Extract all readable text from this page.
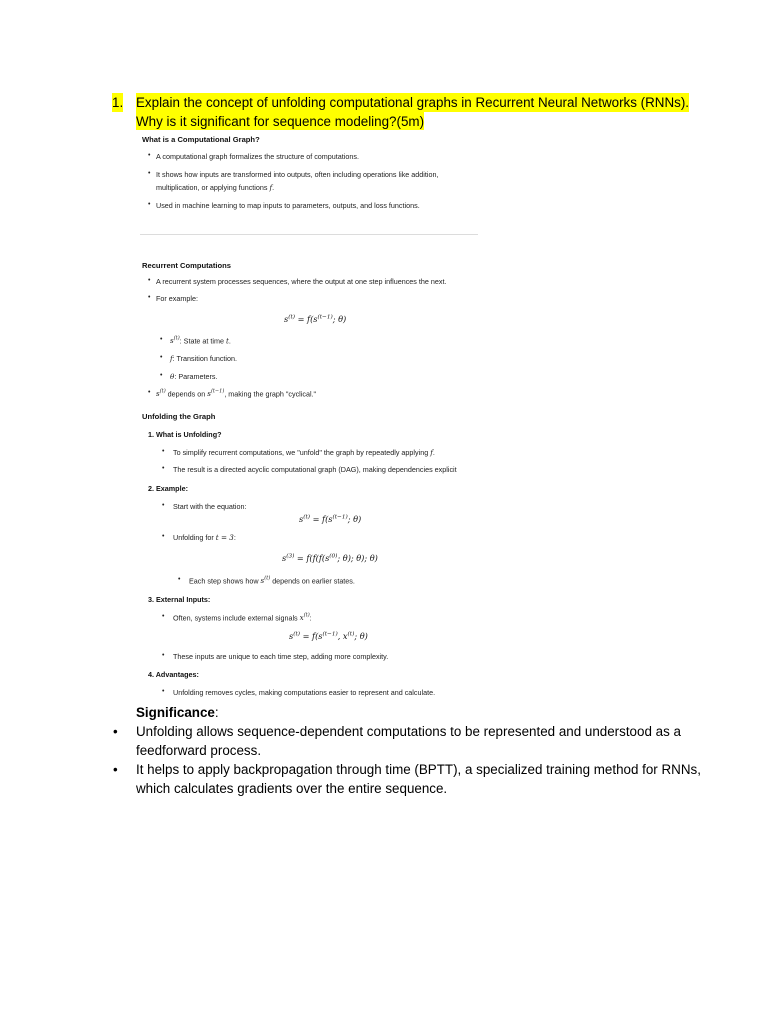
1. Explain the concept of unfolding computational graphs in Recurrent Neural Networks (RNNs).
Why is it significant for sequence modeling?(5m)
What is a Computational Graph?
• A computational graph formalizes the structure of computations.
• It shows how inputs are transformed into outputs, often including operations like addition,
multiplication, or applying functions f.
• Used in machine learning to map inputs to parameters, outputs, and loss functions.
Recurrent Computations
• A recurrent system processes sequences, where the output at one step influences the next.
• For example:
$s^{(t)} = f(s^{(t-1)}$; θ)
• $s^{(t)}$: State at time t.
• f: Transition function.
• θ: Parameters.
• $s^{(t)}$ depends on $s^{(t-1)}$, making the graph "cyclical."
Unfolding the Graph
1. What is Unfolding?
• To simplify recurrent computations, we "unfold" the graph by repeatedly applying f.
• The result is a directed acyclic computational graph (DAG), making dependencies explicit
2. Example:
• Start with the equation:
$s^{(t)} = f(s^{(t-1)}$; θ)
• Unfolding for t = 3:
$s^{(3)} = f(f(f(s^{(0)}$; θ); θ); θ)
• Each step shows how $s^{(t)}$ depends on earlier states.
3. External Inputs:
• Often, systems include external signals $x^{(t)}$:
$s^{(t)} = f(s^{(t-1)}$, $x^{(t)}$; θ)
• These inputs are unique to each time step, adding more complexity.
4. Advantages:
• Unfolding removes cycles, making computations easier to represent and calculate.
Significance:
• Unfolding allows sequence-dependent computations to be represented and understood as a
feedforward process.
• It helps to apply backpropagation through time (BPTT), a specialized training method for RNNs,
which calculates gradients over the entire sequence.
